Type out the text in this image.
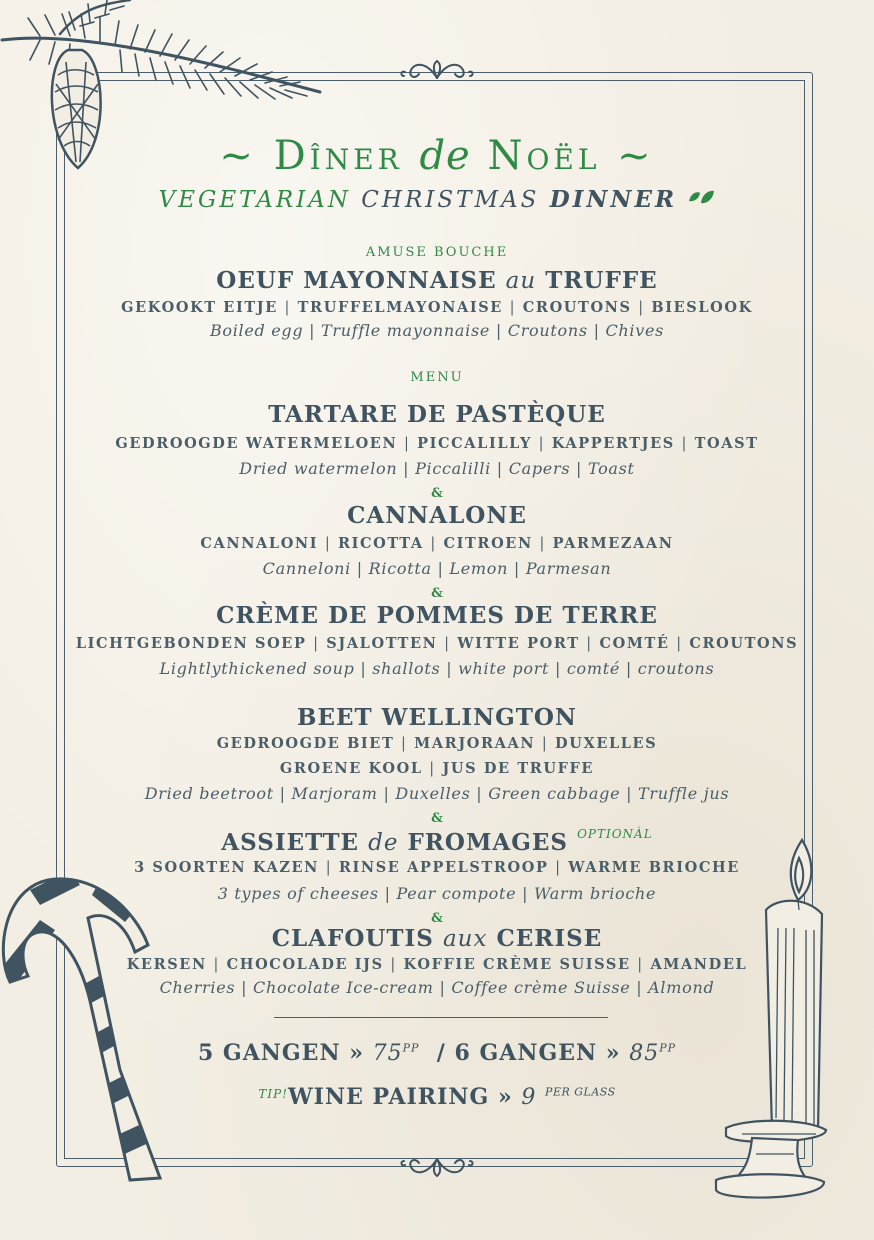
~ Dîner de Noël ~
VEGETARIAN CHRISTMAS DINNER
AMUSE BOUCHE
OEUF MAYONNAISE au TRUFFE
GEKOOKT EITJE | TRUFFELMAYONAISE | CROUTONS | BIESLOOK
Boiled egg | Truffle mayonnaise | Croutons | Chives
MENU
TARTARE DE PASTÈQUE
GEDROOGDE WATERMELOEN | PICCALILLY | KAPPERTJES | TOAST
Dried watermelon | Piccalilli | Capers | Toast
&
CANNALONE
CANNALONI | RICOTTA | CITROEN | PARMEZAAN
Canneloni | Ricotta | Lemon | Parmesan
&
CRÈME DE POMMES DE TERRE
LICHTGEBONDEN SOEP | SJALOTTEN | WITTE PORT | COMTÉ | CROUTONS
Lightlythickened soup | shallots | white port | comté | croutons
BEET WELLINGTON
GEDROOGDE BIET | MARJORAAN | DUXELLES
GROENE KOOL | JUS DE TRUFFE
Dried beetroot | Marjoram | Duxelles | Green cabbage | Truffle jus
&
ASSIETTE de FROMAGES $^{OPTIONÀL}$
3 SOORTEN KAZEN | RINSE APPELSTROOP | WARME BRIOCHE
3 types of cheeses | Pear compote | Warm brioche
&
CLAFOUTIS aux CERISE
KERSEN | CHOCOLADE IJS | KOFFIE CRÈME SUISSE | AMANDEL
Cherries | Chocolate Ice-cream | Coffee crème Suisse | Almond
5 GANGEN » $75^{PP} / 6$ GANGEN » $85^{PP}$
$^{TIP!}$WINE PAIRING » 9 $^{PER GLASS}$
